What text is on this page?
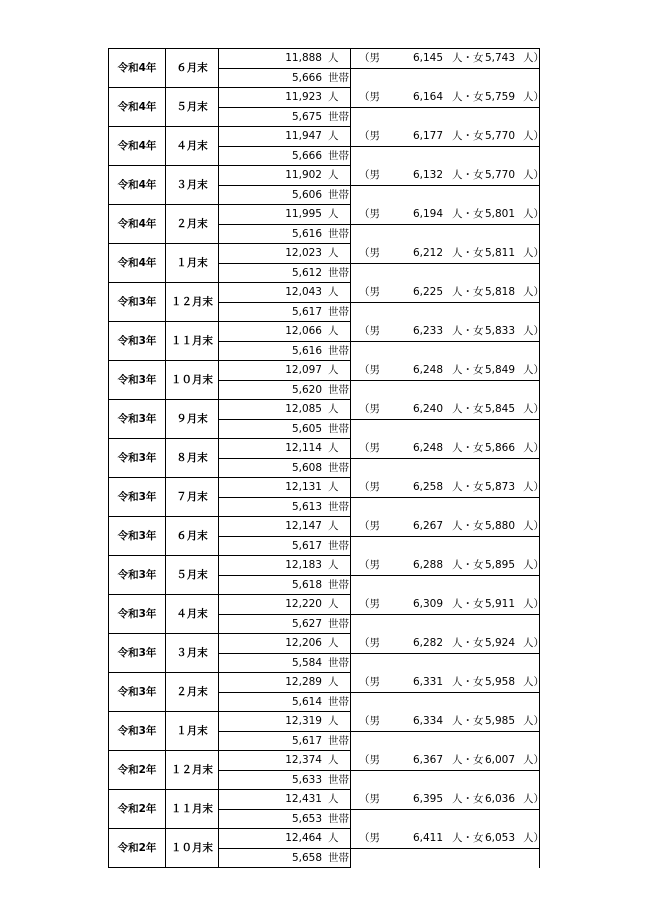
令和4年	６月末
11,888 人
5,666 世帯
（男	6,145 人・女 5,743 人）
令和4年	５月末
11,923 人
5,675 世帯
（男	6,164 人・女 5,759 人）
令和4年	４月末
11,947 人
5,666 世帯
（男	6,177 人・女 5,770 人）
令和4年	３月末
11,902 人
5,606 世帯
（男	6,132 人・女 5,770 人）
令和4年	２月末
11,995 人
5,616 世帯
（男	6,194 人・女 5,801 人）
令和4年	１月末
12,023 人
5,612 世帯
（男	6,212 人・女 5,811 人）
令和3年	１２月末
12,043 人
5,617 世帯
（男	6,225 人・女 5,818 人）
令和3年	１１月末
12,066 人
5,616 世帯
（男	6,233 人・女 5,833 人）
令和3年	１０月末
12,097 人
5,620 世帯
（男	6,248 人・女 5,849 人）
令和3年	９月末
12,085 人
5,605 世帯
（男	6,240 人・女 5,845 人）
令和3年	８月末
12,114 人
5,608 世帯
（男	6,248 人・女 5,866 人）
令和3年	７月末
12,131 人
5,613 世帯
（男	6,258 人・女 5,873 人）
令和3年	６月末
12,147 人
5,617 世帯
（男	6,267 人・女 5,880 人）
令和3年	５月末
12,183 人
5,618 世帯
（男	6,288 人・女 5,895 人）
令和3年	４月末
12,220 人
5,627 世帯
（男	6,309 人・女 5,911 人）
令和3年	３月末
12,206 人
5,584 世帯
（男	6,282 人・女 5,924 人）
令和3年	２月末
12,289 人
5,614 世帯
（男	6,331 人・女 5,958 人）
令和3年	１月末
12,319 人
5,617 世帯
（男	6,334 人・女 5,985 人）
令和2年	１２月末
12,374 人
5,633 世帯
（男	6,367 人・女 6,007 人）
令和2年	１１月末
12,431 人
5,653 世帯
（男	6,395 人・女 6,036 人）
令和2年	１０月末
12,464 人
5,658 世帯
（男	6,411 人・女 6,053 人）
